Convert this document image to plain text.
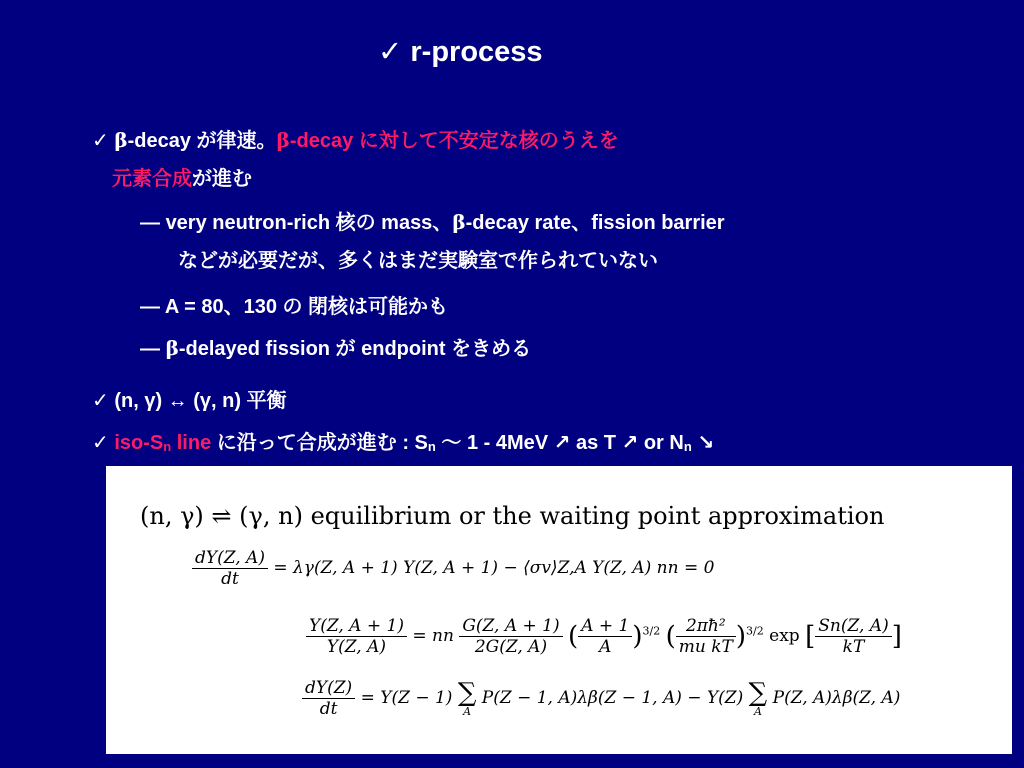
✓ r-process
✓ β-decay が律速。β-decay に対して不安定な核のうえを
元素合成が進む
— very neutron-rich 核の mass、β-decay rate、fission barrier
などが必要だが、多くはまだ実験室で作られていない
— A = 80、130 の 閉核は可能かも
— β-delayed fission が endpoint をきめる
✓ (n, γ) ↔ (γ, n) 平衡
✓ iso-Sn line に沿って合成が進む : Sn 〜 1 - 4MeV ↗ as T ↗ or Nn ↘
(n, γ) ⇌ (γ, n) equilibrium or the waiting point approximation
$\frac{dY(Z, A)}{dt} = \lambda\gamma(Z$, A + 1) Y(Z, A + 1) − ⟨σv⟩Z,A Y(Z, A) nn = 0
$\frac{Y(Z, A + 1)}{Y(Z, A)}$ = nn $\frac{G(Z, A + 1)}{2G(Z, A)}$ ( $\frac{A + 1}{A} )^{3/2}$ ( $\frac{\text{2πħ²}}{\text{mu kT}} )^{3/2}$ exp [ $\frac{Sn(Z, A)}{kT}$ ]
$\frac{dY(Z)}{dt} = Y(Z - 1)$ ∑
A
P(Z − 1, A)λβ(Z − 1, A) − Y(Z) ∑
A
P(Z, A)λβ(Z, A)
